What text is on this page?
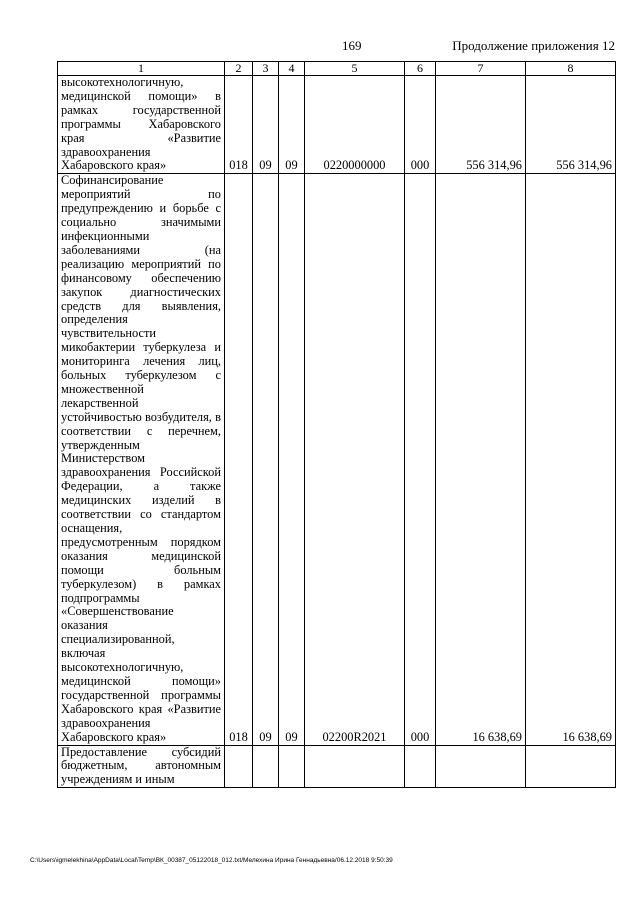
169	Продолжение приложения 12
1	2	3	4	5	6	7	8

высокотехнологичную, медицинской помощи» в рамках государственной программы Хабаровского края «Развитие здравоохранения Хабаровского края»	018	09	09	0220000000	000	556 314,96	556 314,96

Софинансирование мероприятий по предупреждению и борьбе с социально значимыми инфекционными заболеваниями (на реализацию мероприятий по финансовому обеспечению закупок диагностических средств для выявления, определения чувствительности микобактерии туберкулеза и мониторинга лечения лиц, больных туберкулезом с множественной лекарственной устойчивостью возбудителя, в соответствии с перечнем, утвержденным Министерством здравоохранения Российской Федерации, а также медицинских изделий в соответствии со стандартом оснащения, предусмотренным порядком оказания медицинской помощи больным туберкулезом) в рамках подпрограммы «Совершенствование оказания специализированной, включая высокотехнологичную, медицинской помощи» государственной программы Хабаровского края «Развитие здравоохранения Хабаровского края»	018	09	09	02200R2021	000	16 638,69	16 638,69

Предоставление субсидий бюджетным, автономным учреждениям и иным							

C:\Users\igmelekhina\AppData\Local\Temp\ВК_00387_05122018_012.txt/Мелехина Ирина Геннадьевна/06.12.2018 9:50:39
